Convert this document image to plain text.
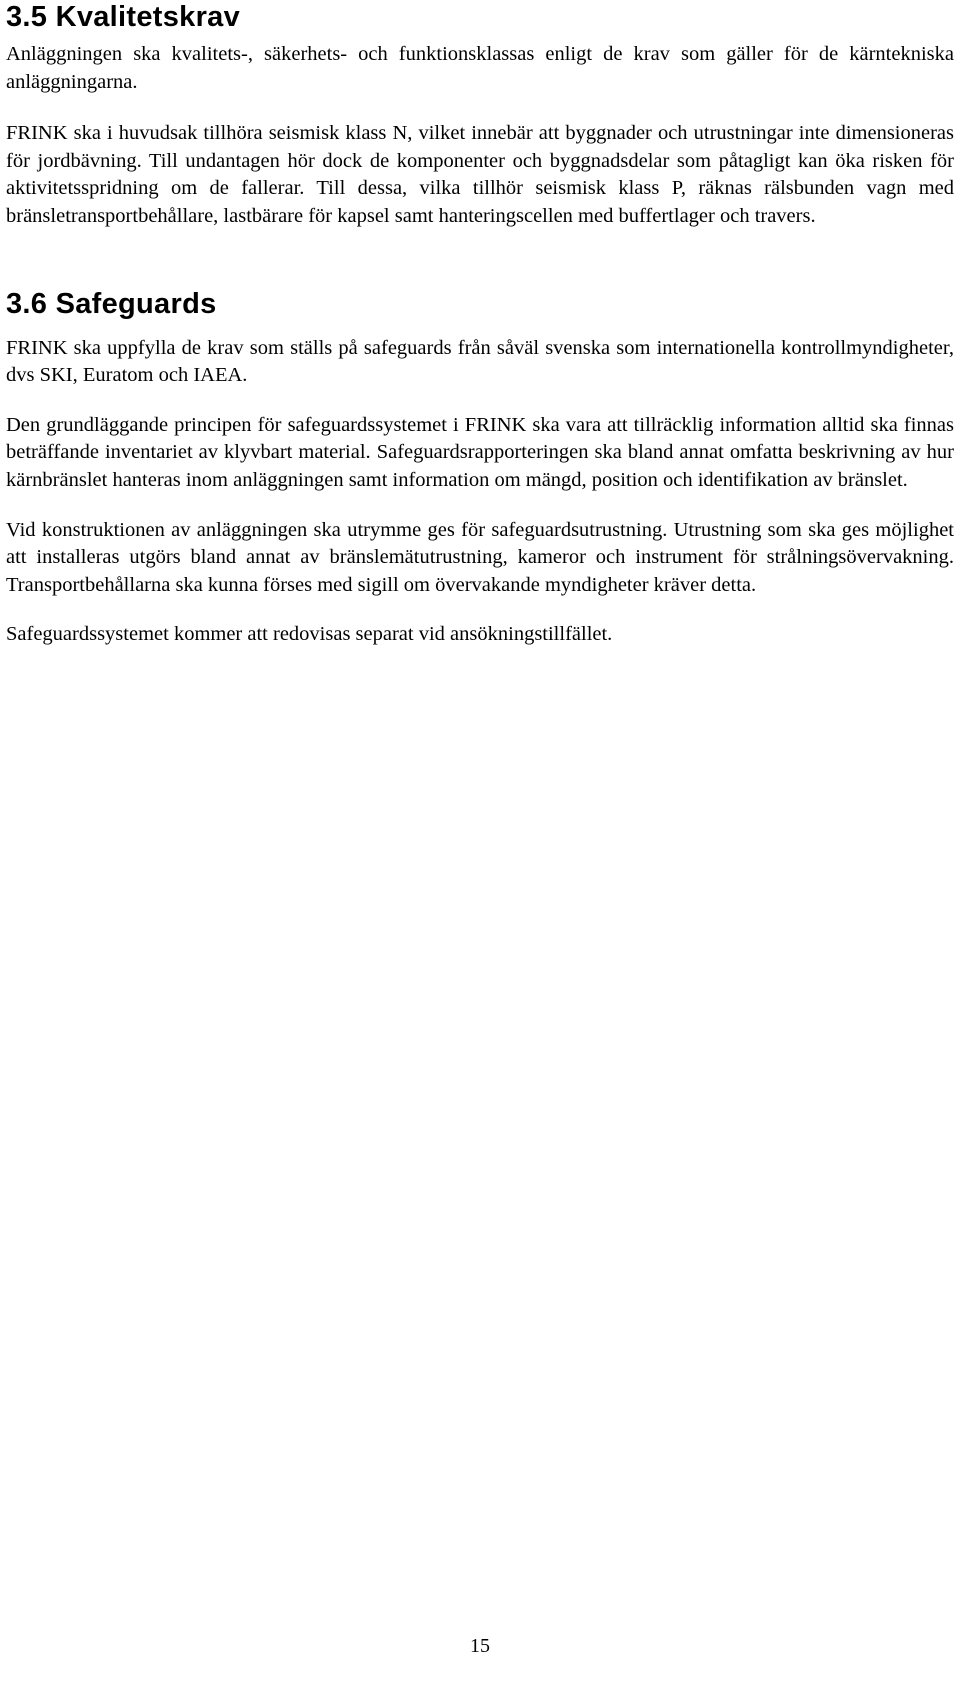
3.5 Kvalitetskrav

Anläggningen ska kvalitets-, säkerhets- och funktionsklassas enligt de krav som gäller för de kärntekniska anläggningarna.

FRINK ska i huvudsak tillhöra seismisk klass N, vilket innebär att byggnader och utrustningar inte dimensioneras för jordbävning. Till undantagen hör dock de komponenter och byggnadsdelar som påtagligt kan öka risken för aktivitetsspridning om de fallerar. Till dessa, vilka tillhör seismisk klass P, räknas rälsbunden vagn med bränsletransportbehållare, lastbärare för kapsel samt hanteringscellen med buffertlager och travers.

3.6 Safeguards

FRINK ska uppfylla de krav som ställs på safeguards från såväl svenska som internationella kontrollmyndigheter, dvs SKI, Euratom och IAEA.

Den grundläggande principen för safeguardssystemet i FRINK ska vara att tillräcklig information alltid ska finnas beträffande inventariet av klyvbart material. Safeguardsrapporteringen ska bland annat omfatta beskrivning av hur kärnbränslet hanteras inom anläggningen samt information om mängd, position och identifikation av bränslet.

Vid konstruktionen av anläggningen ska utrymme ges för safeguardsutrustning. Utrustning som ska ges möjlighet att installeras utgörs bland annat av bränslemätutrustning, kameror och instrument för strålningsövervakning. Transportbehållarna ska kunna förses med sigill om övervakande myndigheter kräver detta.

Safeguardssystemet kommer att redovisas separat vid ansökningstillfället.

15
